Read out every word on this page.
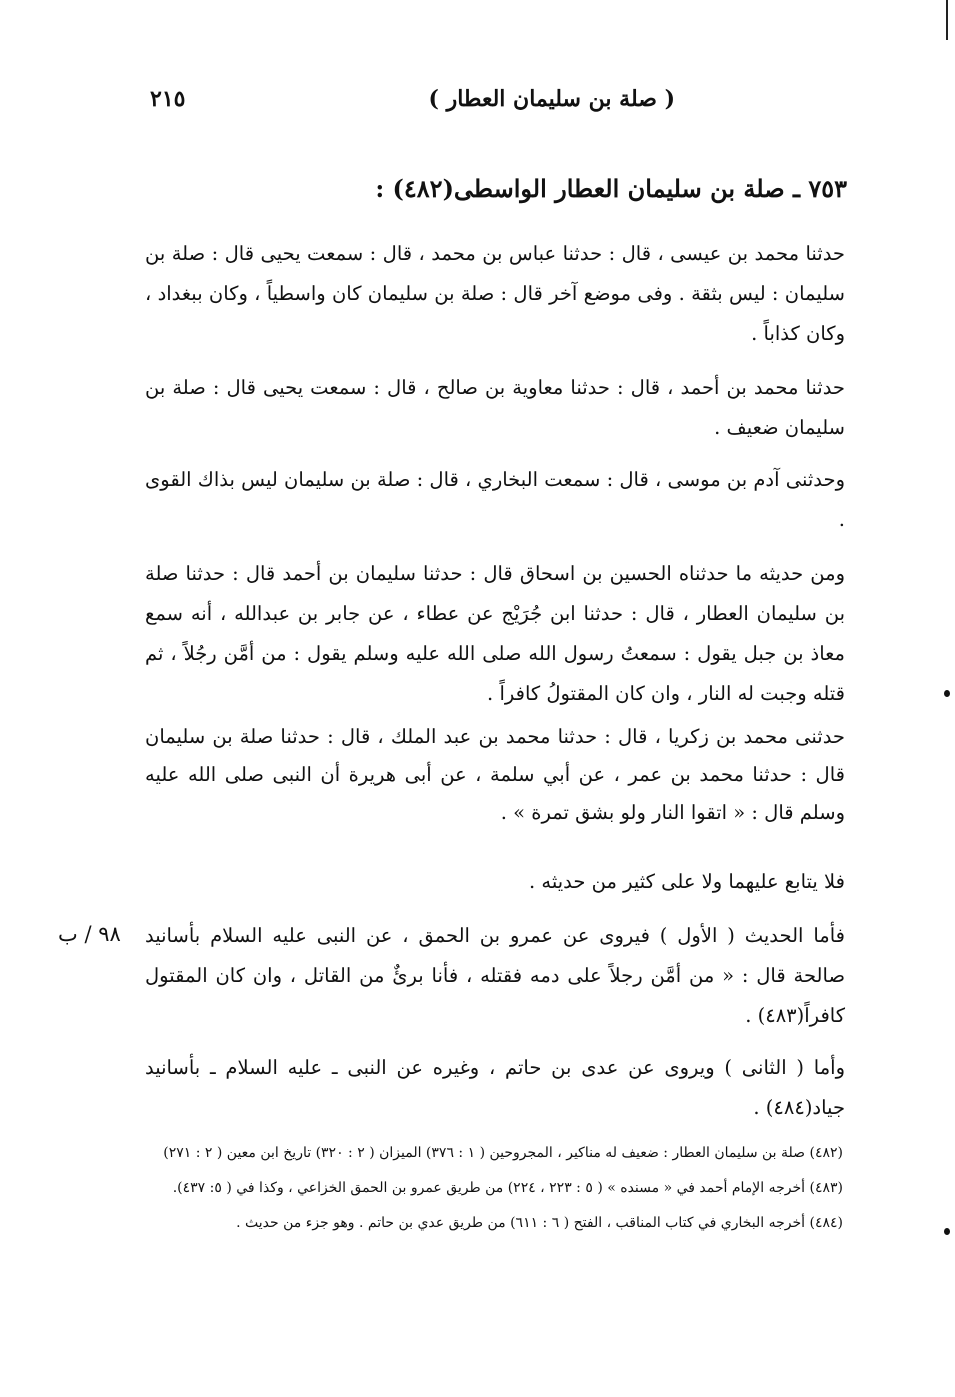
( صلة بن سليمان العطار )
٢١٥
٧٥٣ ـ صلة بن سليمان العطار الواسطى(٤٨٢) :
حدثنا محمد بن عيسى ، قال : حدثنا عباس بن محمد ، قال : سمعت يحيى قال : صلة بن سليمان : ليس بثقة . وفى موضع آخر قال : صلة بن سليمان كان واسطياً ، وكان ببغداد ، وكان كذاباً .
حدثنا محمد بن أحمد ، قال : حدثنا معاوية بن صالح ، قال : سمعت يحيى قال : صلة بن سليمان ضعيف .
وحدثنى آدم بن موسى ، قال : سمعت البخاري ، قال : صلة بن سليمان ليس بذاك القوى .
ومن حديثه ما حدثناه الحسين بن اسحاق قال : حدثنا سليمان بن أحمد قال : حدثنا صلة بن سليمان العطار ، قال : حدثنا ابن جُرَيْج عن عطاء ، عن جابر بن عبدالله ، أنه سمع معاذ بن جبل يقول : سمعتُ رسول الله صلى الله عليه وسلم يقول : من أمَّن رجُلاً ، ثم قتله وجبت له النار ، وان كان المقتولُ كافراً .
حدثنى محمد بن زكريا ، قال : حدثنا محمد بن عبد الملك ، قال : حدثنا صلة بن سليمان قال : حدثنا محمد بن عمر ، عن أبي سلمة ، عن أبى هريرة أن النبى صلى الله عليه وسلم قال : « اتقوا النار ولو بشق تمرة » .
فلا يتابع عليهما ولا على كثير من حديثه .
فأما الحديث ( الأول ) فيروى عن عمرو بن الحمق ، عن النبى عليه السلام بأسانيد صالحة قال : « من أمَّن رجلاً على دمه فقتله ، فأنا برئٌ من القاتل ، وان كان المقتول كافراً(٤٨٣) .
وأما ( الثانى ) ويروى عن عدى بن حاتم ، وغيره عن النبى ـ عليه السلام ـ بأسانيد جياد(٤٨٤) .
٩٨ / ب
(٤٨٢) صلة بن سليمان العطار : ضعيف له مناكير ، المجروحين ( ١ : ٣٧٦) الميزان ( ٢ : ٣٢٠) تاريخ ابن معين ( ٢ : ٢٧١)
(٤٨٣) أخرجه الإمام أحمد في « مسنده » ( ٥ : ٢٢٣ ، ٢٢٤) من طريق عمرو بن الحمق الخزاعي ، وكذا في ( ٥: ٤٣٧).
(٤٨٤) أخرجه البخاري في كتاب المناقب ، الفتح ( ٦ : ٦١١) من طريق عدي بن حاتم . وهو جزء من حديث .
